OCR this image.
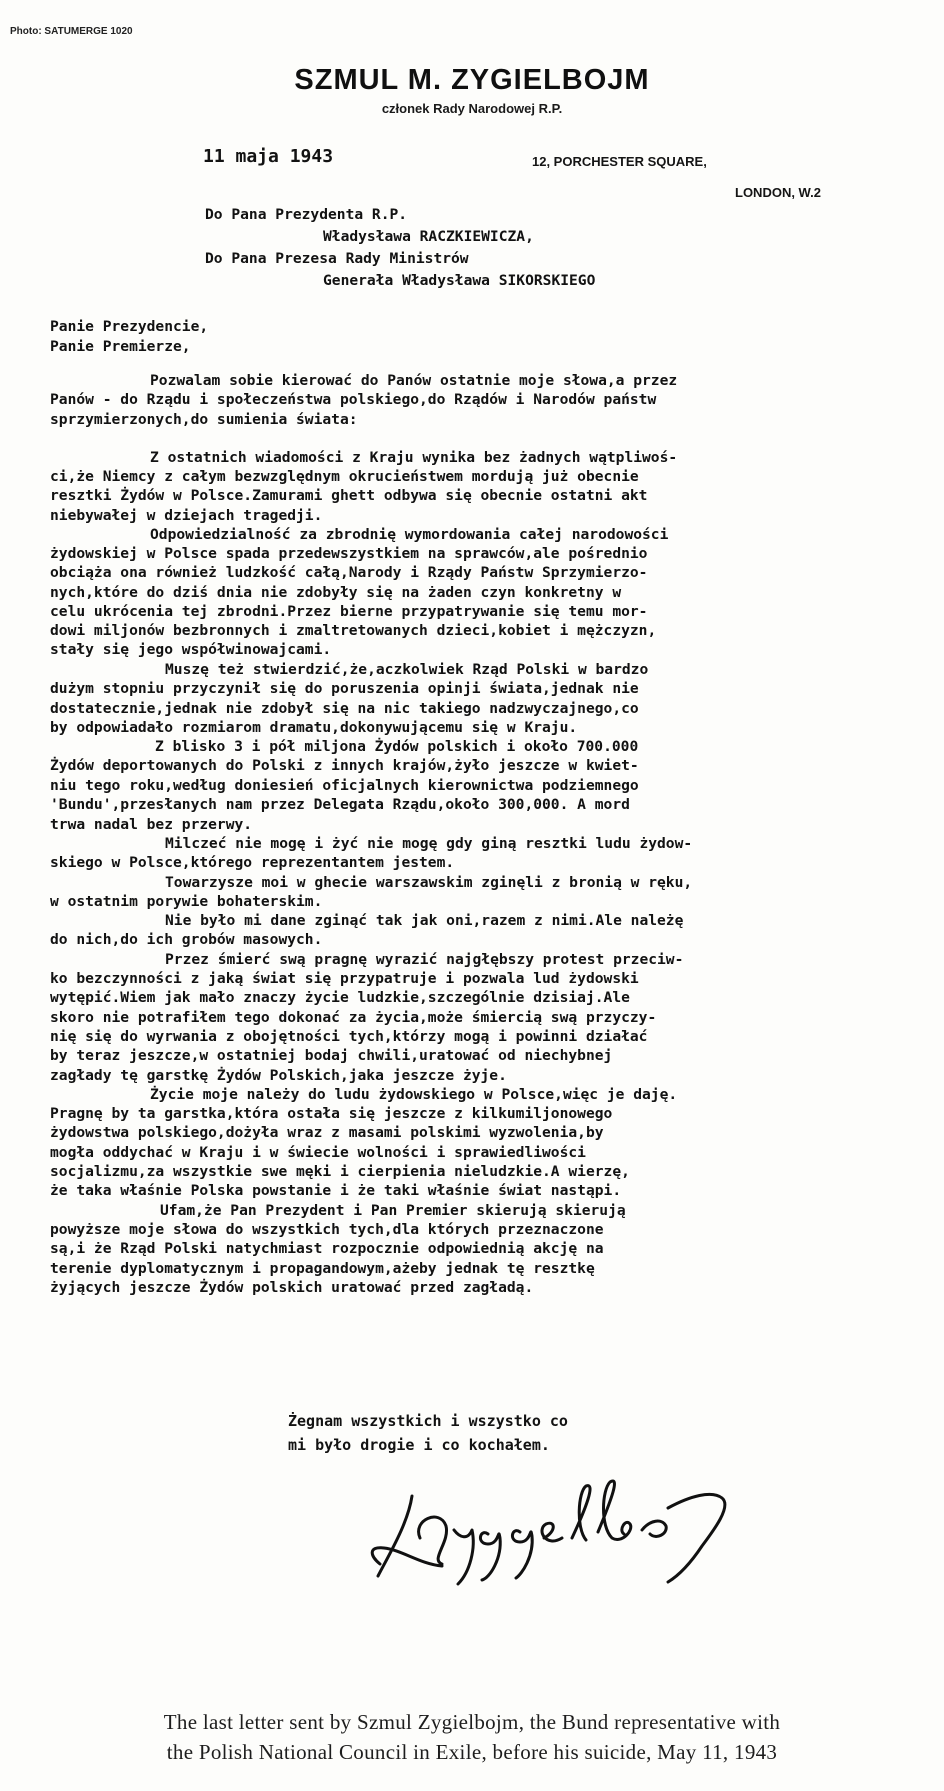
Photo: SATUMERGE 1020
SZMUL M. ZYGIELBOJM
członek Rady Narodowej R.P.
11 maja 1943	12, PORCHESTER SQUARE,
LONDON, W.2
Do Pana Prezydenta R.P.
Władysława RACZKIEWICZA,
Do Pana Prezesa Rady Ministrów
Generała Władysława SIKORSKIEGO
Panie Prezydencie,
Panie Premierze,
Pozwalam sobie kierować do Panów ostatnie moje słowa,a przez
Panów - do Rządu i społeczeństwa polskiego,do Rządów i Narodów państw
sprzymierzonych,do sumienia świata:
Z ostatnich wiadomości z Kraju wynika bez żadnych wątpliwoś-
ci,że Niemcy z całym bezwzględnym okrucieństwem mordują już obecnie
resztki Żydów w Polsce.Zamurami ghett odbywa się obecnie ostatni akt
niebywałej w dziejach tragedji.
Odpowiedzialność za zbrodnię wymordowania całej narodowości
żydowskiej w Polsce spada przedewszystkiem na sprawców,ale pośrednio
obciąża ona również ludzkość całą,Narody i Rządy Państw Sprzymierzo-
nych,które do dziś dnia nie zdobyły się na żaden czyn konkretny w
celu ukrócenia tej zbrodni.Przez bierne przypatrywanie się temu mor-
dowi miljonów bezbronnych i zmaltretowanych dzieci,kobiet i mężczyzn,
stały się jego współwinowajcami.
Muszę też stwierdzić,że,aczkolwiek Rząd Polski w bardzo
dużym stopniu przyczynił się do poruszenia opinji świata,jednak nie
dostatecznie,jednak nie zdobył się na nic takiego nadzwyczajnego,co
by odpowiadało rozmiarom dramatu,dokonywującemu się w Kraju.
Z blisko 3 i pół miljona Żydów polskich i około 700.000
Żydów deportowanych do Polski z innych krajów,żyło jeszcze w kwiet-
niu tego roku,według doniesień oficjalnych kierownictwa podziemnego
'Bundu',przesłanych nam przez Delegata Rządu,około 300,000. A mord
trwa nadal bez przerwy.
Milczeć nie mogę i żyć nie mogę gdy giną resztki ludu żydow-
skiego w Polsce,którego reprezentantem jestem.
Towarzysze moi w ghecie warszawskim zginęli z bronią w ręku,
w ostatnim porywie bohaterskim.
Nie było mi dane zginąć tak jak oni,razem z nimi.Ale należę
do nich,do ich grobów masowych.
Przez śmierć swą pragnę wyrazić najgłębszy protest przeciw-
ko bezczynności z jaką świat się przypatruje i pozwala lud żydowski
wytępić.Wiem jak mało znaczy życie ludzkie,szczególnie dzisiaj.Ale
skoro nie potrafiłem tego dokonać za życia,może śmiercią swą przyczy-
nię się do wyrwania z obojętności tych,którzy mogą i powinni działać
by teraz jeszcze,w ostatniej bodaj chwili,uratować od niechybnej
zagłady tę garstkę Żydów Polskich,jaka jeszcze żyje.
Życie moje należy do ludu żydowskiego w Polsce,więc je daję.
Pragnę by ta garstka,która ostała się jeszcze z kilkumiljonowego
żydowstwa polskiego,dożyła wraz z masami polskimi wyzwolenia,by
mogła oddychać w Kraju i w świecie wolności i sprawiedliwości
socjalizmu,za wszystkie swe męki i cierpienia nieludzkie.A wierzę,
że taka właśnie Polska powstanie i że taki właśnie świat nastąpi.
Ufam,że Pan Prezydent i Pan Premier skierują skierują
powyższe moje słowa do wszystkich tych,dla których przeznaczone
są,i że Rząd Polski natychmiast rozpocznie odpowiednią akcję na
terenie dyplomatycznym i propagandowym,ażeby jednak tę resztkę
żyjących jeszcze Żydów polskich uratować przed zagładą.
Żegnam wszystkich i wszystko co
mi było drogie i co kochałem.
The last letter sent by Szmul Zygielbojm, the Bund representative with
the Polish National Council in Exile, before his suicide, May 11, 1943
